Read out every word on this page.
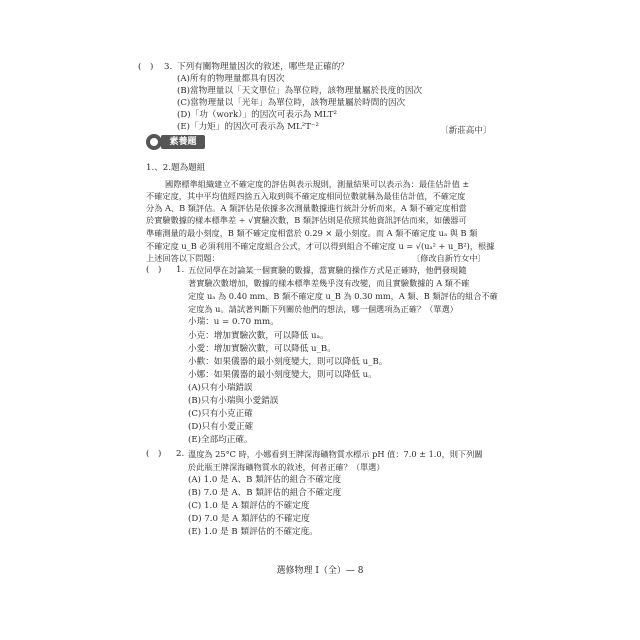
(　) 3. 下列有關物理量因次的敘述，哪些是正確的？
(A)所有的物理量都具有因次
(B)當物理量以「天文單位」為單位時，該物理量屬於長度的因次
(C)當物理量以「光年」為單位時，該物理量屬於時間的因次
(D)「功（work）」的因次可表示為 MLT²
(E)「力矩」的因次可表示為 ML²T⁻²	〔新莊高中〕
素養題
1.、2.題為題組
國際標準組織建立不確定度的評估與表示規則，測量結果可以表示為：最佳估計值 ±
不確定度，其中平均值經四捨五入取到與不確定度相同位數就稱為最佳估計值，不確定度
分為 A、B 類評估。A 類評估是依據多次測量數據進行統計分析而來，A 類不確定度相當
於實驗數據的樣本標準差 ÷ √實驗次數，B 類評估則是依照其他資訊評估而來，如儀器可
準確測量的最小刻度，B 類不確定度相當於 0.29 × 最小刻度。而 A 類不確定度 uₐ 與 B 類
不確定度 u_B 必須利用不確定度組合公式，才可以得到組合不確定度 u = √(uₐ² + u_B²)，根據
上述回答以下問題：	〔修改自新竹女中〕
(　) 1. 五位同學在討論某一個實驗的數據，當實驗的操作方式是正確時，他們發現隨
著實驗次數增加，數據的樣本標準差幾乎沒有改變，而且實驗數據的 A 類不確
定度 uₐ 為 0.40 mm、B 類不確定度 u_B 為 0.30 mm，A 類、B 類評估的組合不確
定度為 u。請試著判斷下列關於他們的想法，哪一個選項為正確？（單選）
小瑞：u = 0.70 mm。
小克：增加實驗次數，可以降低 uₐ。
小愛：增加實驗次數，可以降低 u_B。
小歡：如果儀器的最小刻度變大，則可以降低 u_B。
小娜：如果儀器的最小刻度變大，則可以降低 u。
(A)只有小瑞錯誤
(B)只有小瑞與小愛錯誤
(C)只有小克正確
(D)只有小愛正確
(E)全部均正確。
(　) 2. 溫度為 25°C 時，小娜看到王牌深海礦物質水標示 pH 值：7.0 ± 1.0，則下列關
於此瓶王牌深海礦物質水的敘述，何者正確？（單選）
(A) 1.0 是 A、B 類評估的組合不確定度
(B) 7.0 是 A、B 類評估的組合不確定度
(C) 1.0 是 A 類評估的不確定度
(D) 7.0 是 A 類評估的不確定度
(E) 1.0 是 B 類評估的不確定度。
選修物理 I（全）— 8
